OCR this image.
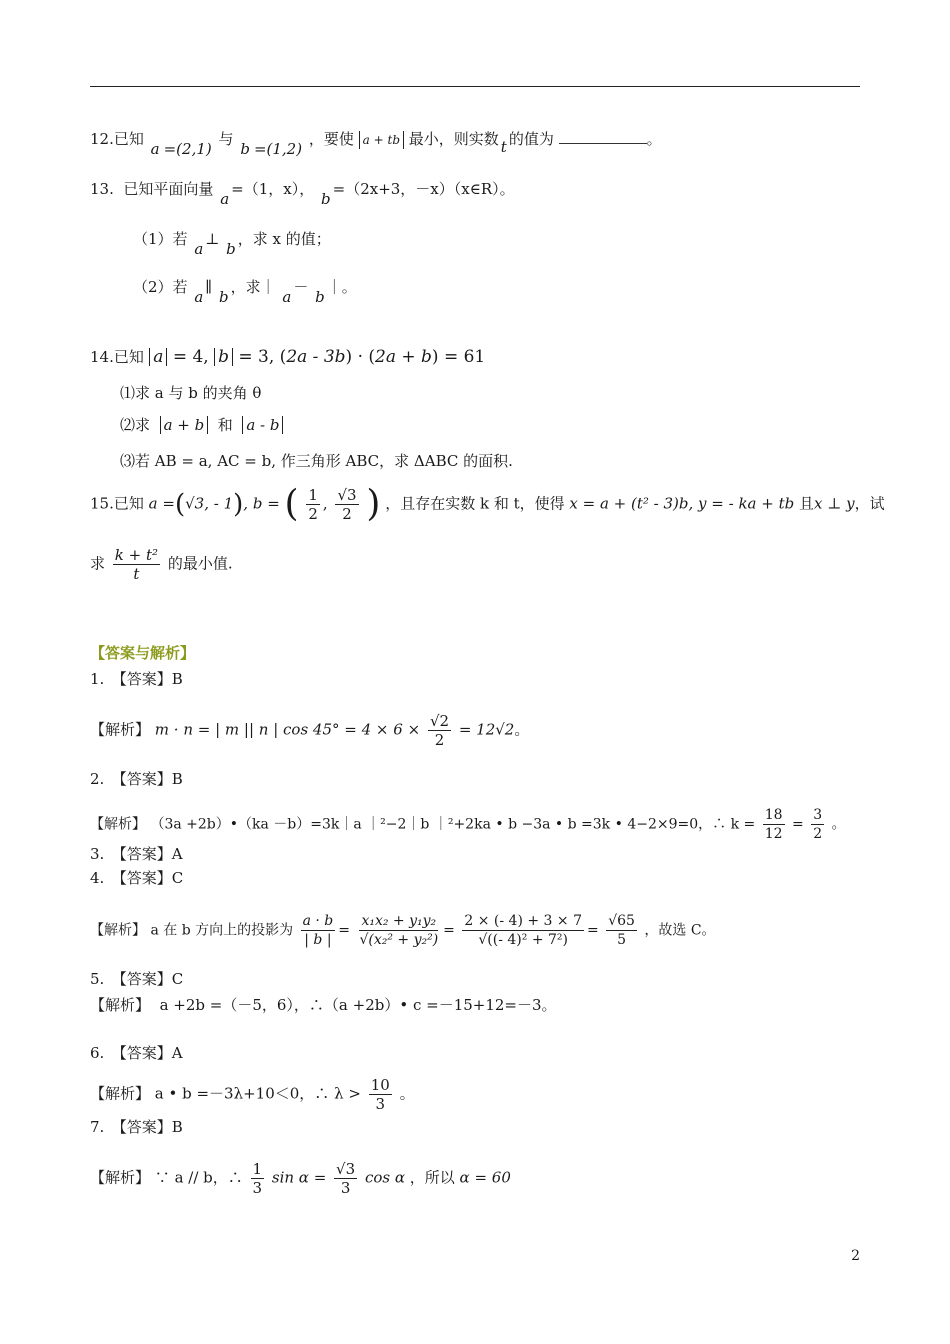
12.已知 a =(2,1) 与 b =(1,2) ，要使 a + tb 最小，则实数 t 的值为	。
13. 已知平面向量 a=（1，x）， b=（2x+3，－x）（x∈R）。
（1）若 a⊥ b，求 x 的值；
（2）若 a∥ b，求｜ a－ b｜。
14.已知 a = 4, b = 3, (2a - 3b) · (2a + b) = 61
⑴求 a 与 b 的夹角 θ
⑵求 a + b 和 a - b
⑶若 AB = a, AC = b, 作三角形 ABC，求 ΔABC 的面积.
15.已知 a =(√3, - 1), b = ( $\frac{1}{2}$ , $\frac{√3}{2}$ ) ，且存在实数 k 和 t，使得 x = a + (t² - 3)b, y = - ka + tb 且x ⊥ y，试
求 $\frac{\text{k + t²}}{t}$ 的最小值.
【答案与解析】
1.　【答案】B
【解析】 m · n = | m || n | $\cos 45^\circ = 4 \times 6 \times \frac{√2}{2} = 12√2$。
2.　【答案】B
【解析】 （3a +2b）•（ka －b）=3k｜a ｜²−2｜b ｜²+2ka • b −3a • b =3k • 4−2×9=0，∴ $k = \frac{18}{12} = \frac{3}{2}$ 。
3.　【答案】A
4.　【答案】C
【解析】 a 在 b 方向上的投影为 $\frac{a \cdot b}{| b |} = \frac{\text{x₁x₂ + y₁y₂}}{\text{√(x₂² + y₂²)}} = \frac{2 \times (- 4) + 3 \times 7}{\text{√((- 4)² + 7²)}} = \frac{√65}{5}$ ，故选 C。
5.　【答案】C
【解析】 a +2b =（－5，6），∴（a +2b）• c =－15+12=－3。
6.　【答案】A
【解析】 a • b =－3λ+10＜0，∴ $\lambda > \frac{10}{3}$ 。
7.　【答案】B
【解析】 ∵ a // b，∴ $\frac{1}{3}$ $\sin \alpha = \frac{√3}{3}$ cos α ，所以 α = 60
2
